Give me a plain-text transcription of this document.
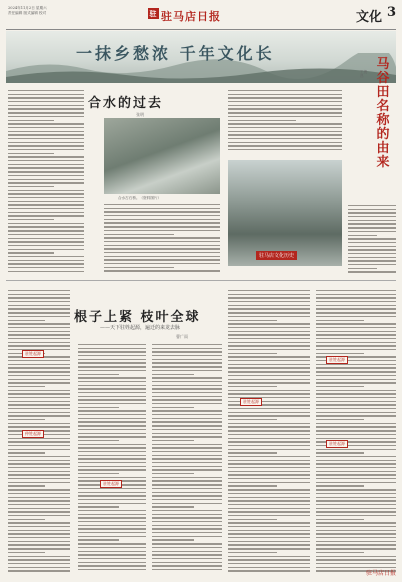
2024年11月2日 星期六
责任编辑 版式编辑 校对	驻 驻马店日报	文化 3
一抹乡愁浓 千年文化长
合水的过去
张明
合水古石桥。（资料图片）
驻马店文化历史
马谷田名称的由来
王俊昌
根子上紧 枝叶全球
——天下驻姓起源，遍迁的来龙去脉
曹广雨
驻姓起源
仲姓起源
驻姓起源
驻姓起源
驻姓起源
驻姓起源
驻马店日报
